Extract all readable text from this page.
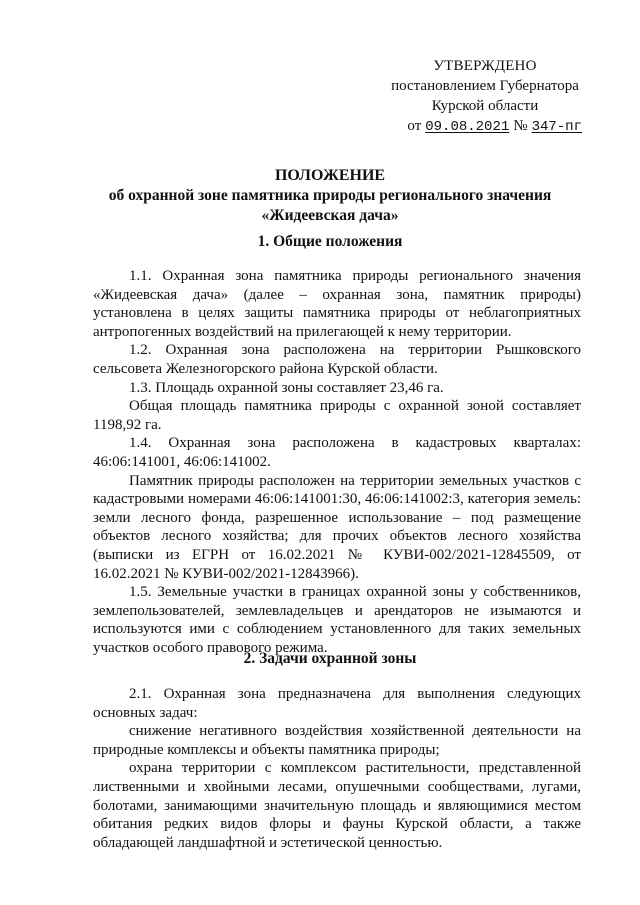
УТВЕРЖДЕНО
постановлением Губернатора
Курской области
от 09.08.2021 № 347-пг
ПОЛОЖЕНИЕ
об охранной зоне памятника природы регионального значения
«Жидеевская дача»
1. Общие положения

1.1. Охранная зона памятника природы регионального значения «Жидеевская дача» (далее – охранная зона, памятник природы) установлена в целях защиты памятника природы от неблагоприятных антропогенных воздействий на прилегающей к нему территории.

1.2. Охранная зона расположена на территории Рышковского сельсовета Железногорского района Курской области.

1.3. Площадь охранной зоны составляет 23,46 га.

Общая площадь памятника природы с охранной зоной составляет 1198,92 га.

1.4. Охранная зона расположена в кадастровых кварталах: 46:06:141001, 46:06:141002.

Памятник природы расположен на территории земельных участков с кадастровыми номерами 46:06:141001:30, 46:06:141002:3, категория земель: земли лесного фонда, разрешенное использование – под размещение объектов лесного хозяйства; для прочих объектов лесного хозяйства (выписки из ЕГРН от 16.02.2021 № КУВИ-002/2021-12845509, от 16.02.2021 № КУВИ-002/2021-12843966).

1.5. Земельные участки в границах охранной зоны у собственников, землепользователей, землевладельцев и арендаторов не изымаются и используются ими с соблюдением установленного для таких земельных участков особого правового режима.

2. Задачи охранной зоны

2.1. Охранная зона предназначена для выполнения следующих основных задач:

снижение негативного воздействия хозяйственной деятельности на природные комплексы и объекты памятника природы;

охрана территории с комплексом растительности, представленной лиственными и хвойными лесами, опушечными сообществами, лугами, болотами, занимающими значительную площадь и являющимися местом обитания редких видов флоры и фауны Курской области, а также обладающей ландшафтной и эстетической ценностью.
